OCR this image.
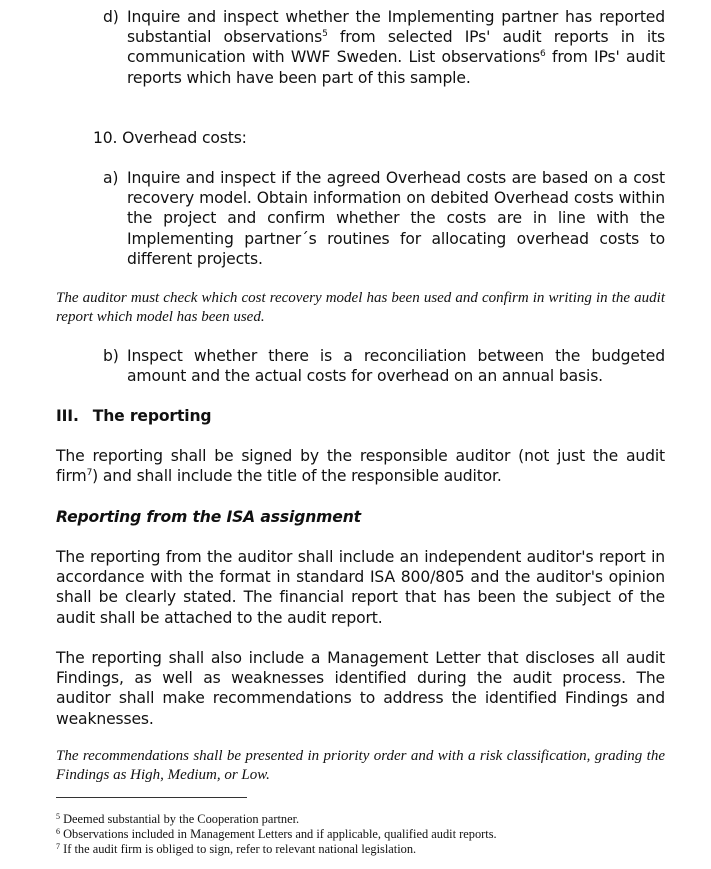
d) Inquire and inspect whether the Implementing partner has reported substantial observations$^5$ from selected IPs' audit reports in its communication with WWF Sweden. List observations$^6$ from IPs' audit reports which have been part of this sample.
10. Overhead costs:
a) Inquire and inspect if the agreed Overhead costs are based on a cost recovery model. Obtain information on debited Overhead costs within the project and confirm whether the costs are in line with the Implementing partner´s routines for allocating overhead costs to different projects.
The auditor must check which cost recovery model has been used and confirm in writing in the audit report which model has been used.
b) Inspect whether there is a reconciliation between the budgeted amount and the actual costs for overhead on an annual basis.
III. The reporting
The reporting shall be signed by the responsible auditor (not just the audit firm$^7$) and shall include the title of the responsible auditor.
Reporting from the ISA assignment
The reporting from the auditor shall include an independent auditor's report in accordance with the format in standard ISA 800/805 and the auditor's opinion shall be clearly stated. The financial report that has been the subject of the audit shall be attached to the audit report.
The reporting shall also include a Management Letter that discloses all audit Findings, as well as weaknesses identified during the audit process. The auditor shall make recommendations to address the identified Findings and weaknesses.
The recommendations shall be presented in priority order and with a risk classification, grading the Findings as High, Medium, or Low.
$^5$ Deemed substantial by the Cooperation partner.
$^6$ Observations included in Management Letters and if applicable, qualified audit reports.
$^7$ If the audit firm is obliged to sign, refer to relevant national legislation.
